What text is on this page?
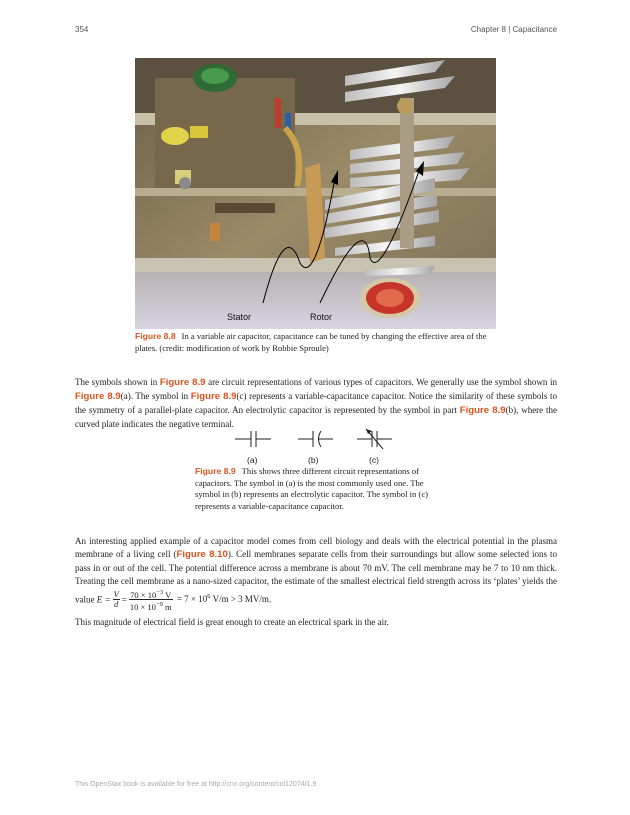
354	Chapter 8 | Capacitance
Stator	Rotor
Figure 8.8 In a variable air capacitor, capacitance can be tuned by changing the effective area of the plates. (credit: modification of work by Robbie Sproule)
The symbols shown in Figure 8.9 are circuit representations of various types of capacitors. We generally use the symbol shown in Figure 8.9(a). The symbol in Figure 8.9(c) represents a variable-capacitance capacitor. Notice the similarity of these symbols to the symmetry of a parallel-plate capacitor. An electrolytic capacitor is represented by the symbol in part Figure 8.9(b), where the curved plate indicates the negative terminal.
(a)	(b)	(c)
Figure 8.9 This shows three different circuit representations of capacitors. The symbol in (a) is the most commonly used one. The symbol in (b) represents an electrolytic capacitor. The symbol in (c) represents a variable-capacitance capacitor.
An interesting applied example of a capacitor model comes from cell biology and deals with the electrical potential in the plasma membrane of a living cell (Figure 8.10). Cell membranes separate cells from their surroundings but allow some selected ions to pass in or out of the cell. The potential difference across a membrane is about 70 mV. The cell membrane may be 7 to 10 nm thick. Treating the cell membrane as a nano-sized capacitor, the estimate of the smallest electrical field strength across its ‘plates’ yields the value $E = \frac{V}{d} = \frac{70 \times 10^{-3} V}{10 \times 10^{-9} m} = 7 \times 10^6$ V/m > 3 MV/m.
This magnitude of electrical field is great enough to create an electrical spark in the air.
This OpenStax book is available for free at http://cnx.org/content/col12074/1.9
